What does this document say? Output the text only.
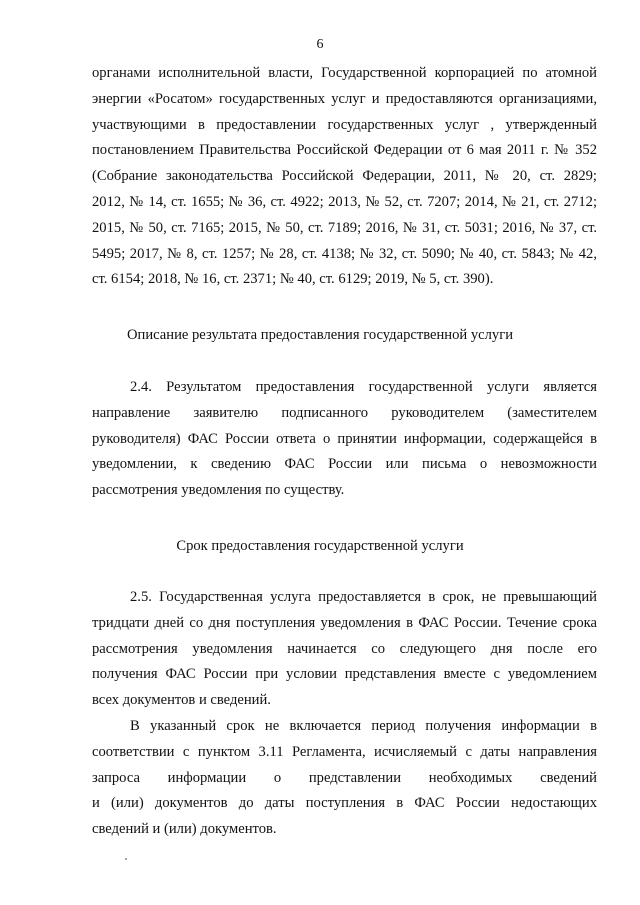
6
органами исполнительной власти, Государственной корпорацией по атомной
энергии «Росатом» государственных услуг и предоставляются организациями,
участвующими в предоставлении государственных услуг , утвержденный
постановлением Правительства Российской Федерации от 6 мая 2011 г. № 352
(Собрание законодательства Российской Федерации, 2011, № 20, ст. 2829;
2012, № 14, ст. 1655; № 36, ст. 4922; 2013, № 52, ст. 7207; 2014, № 21, ст. 2712;
2015, № 50, ст. 7165; 2015, № 50, ст. 7189; 2016, № 31, ст. 5031; 2016, № 37, ст.
5495; 2017, № 8, ст. 1257; № 28, ст. 4138; № 32, ст. 5090; № 40, ст. 5843; № 42,
ст. 6154; 2018, № 16, ст. 2371; № 40, ст. 6129; 2019, № 5, ст. 390).
Описание результата предоставления государственной услуги
2.4. Результатом предоставления государственной услуги является
направление заявителю подписанного руководителем (заместителем
руководителя) ФАС России ответа о принятии информации, содержащейся в
уведомлении, к сведению ФАС России или письма о невозможности
рассмотрения уведомления по существу.
Срок предоставления государственной услуги
2.5. Государственная услуга предоставляется в срок, не превышающий
тридцати дней со дня поступления уведомления в ФАС России. Течение срока
рассмотрения уведомления начинается со следующего дня после его
получения ФАС России при условии представления вместе с уведомлением
всех документов и сведений.
В указанный срок не включается период получения информации в
соответствии с пунктом 3.11 Регламента, исчисляемый с даты направления
запроса информации о представлении необходимых сведений
и (или) документов до даты поступления в ФАС России недостающих
сведений и (или) документов.
